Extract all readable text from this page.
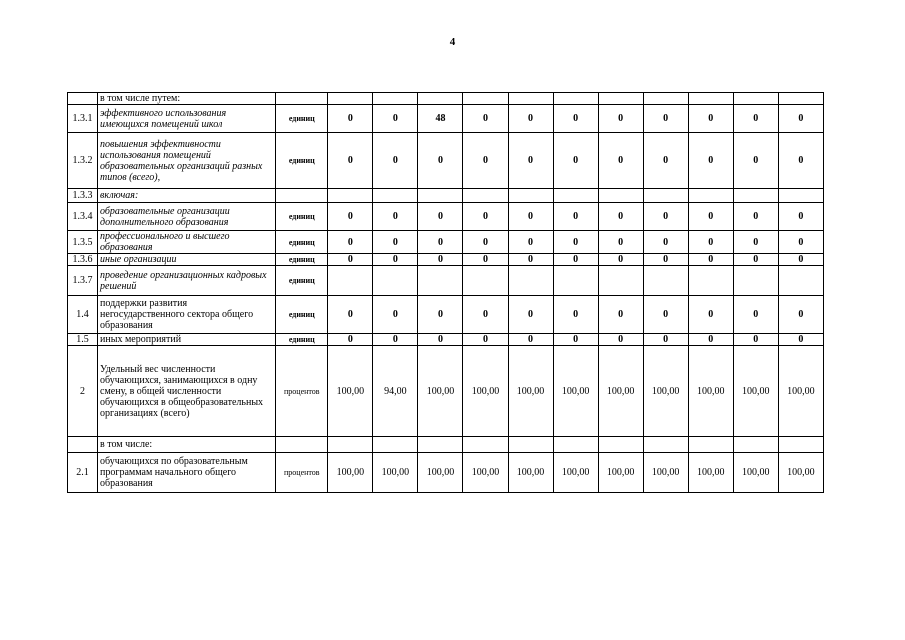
4
	в том числе путем:												
1.3.1	эффективного использования имеющихся помещений школ	единиц	0	0	48	0	0	0	0	0	0	0	0
1.3.2	повышения эффективности использования помещений образовательных организаций разных типов (всего),	единиц	0	0	0	0	0	0	0	0	0	0	0
1.3.3	включая:												
1.3.4	образовательные организации дополнительного образования	единиц	0	0	0	0	0	0	0	0	0	0	0
1.3.5	профессионального и высшего образования	единиц	0	0	0	0	0	0	0	0	0	0	0
1.3.6	иные организации	единиц	0	0	0	0	0	0	0	0	0	0	0
1.3.7	проведение организационных кадровых решений	единиц											
1.4	поддержки развития негосударственного сектора общего образования	единиц	0	0	0	0	0	0	0	0	0	0	0
1.5	иных мероприятий	единиц	0	0	0	0	0	0	0	0	0	0	0
2	Удельный вес численности обучающихся, занимающихся в одну смену, в общей численности обучающихся в общеобразовательных организациях (всего)	процентов	100,00	94,00	100,00	100,00	100,00	100,00	100,00	100,00	100,00	100,00	100,00
	в том числе:												
2.1	обучающихся по образовательным программам начального общего образования	процентов	100,00	100,00	100,00	100,00	100,00	100,00	100,00	100,00	100,00	100,00	100,00
